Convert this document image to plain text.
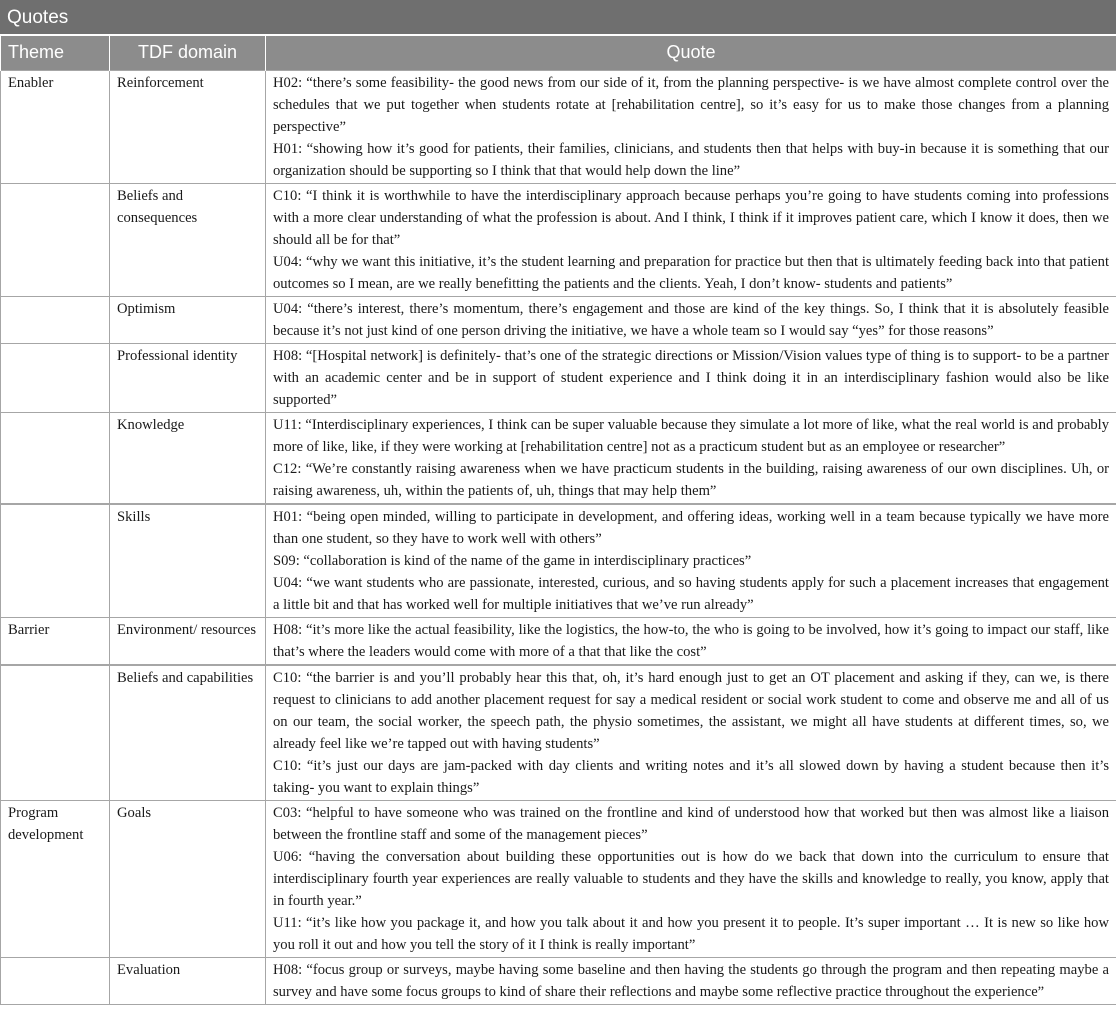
Quotes
Theme	TDF domain	Quote
Enabler	Reinforcement	H02: “there’s some feasibility- the good news from our side of it, from the planning perspective- is we have almost complete control over the schedules that we put together when students rotate at [rehabilitation centre], so it’s easy for us to make those changes from a planning perspective”
H01: “showing how it’s good for patients, their families, clinicians, and students then that helps with buy-in because it is something that our organization should be supporting so I think that that would help down the line”

	Beliefs and consequences	C10: “I think it is worthwhile to have the interdisciplinary approach because perhaps you’re going to have students coming into professions with a more clear understanding of what the profession is about. And I think, I think if it improves patient care, which I know it does, then we should all be for that”
U04: “why we want this initiative, it’s the student learning and preparation for practice but then that is ultimately feeding back into that patient outcomes so I mean, are we really benefitting the patients and the clients. Yeah, I don’t know- students and patients”

	Optimism	U04: “there’s interest, there’s momentum, there’s engagement and those are kind of the key things. So, I think that it is absolutely feasible because it’s not just kind of one person driving the initiative, we have a whole team so I would say “yes” for those reasons”

	Professional identity	H08: “[Hospital network] is definitely- that’s one of the strategic directions or Mission/Vision values type of thing is to support- to be a partner with an academic center and be in support of student experience and I think doing it in an interdisciplinary fashion would also be like supported”

	Knowledge	U11: “Interdisciplinary experiences, I think can be super valuable because they simulate a lot more of like, what the real world is and probably more of like, like, if they were working at [rehabilitation centre] not as a practicum student but as an employee or researcher”
C12: “We’re constantly raising awareness when we have practicum students in the building, raising awareness of our own disciplines. Uh, or raising awareness, uh, within the patients of, uh, things that may help them”

	Skills	H01: “being open minded, willing to participate in development, and offering ideas, working well in a team because typically we have more than one student, so they have to work well with others”
S09: “collaboration is kind of the name of the game in interdisciplinary practices”
U04: “we want students who are passionate, interested, curious, and so having students apply for such a placement increases that engagement a little bit and that has worked well for multiple initiatives that we’ve run already”

Barrier	Environment/ resources	H08: “it’s more like the actual feasibility, like the logistics, the how-to, the who is going to be involved, how it’s going to impact our staff, like that’s where the leaders would come with more of a that that like the cost”

	Beliefs and capabilities	C10: “the barrier is and you’ll probably hear this that, oh, it’s hard enough just to get an OT placement and asking if they, can we, is there request to clinicians to add another placement request for say a medical resident or social work student to come and observe me and all of us on our team, the social worker, the speech path, the physio sometimes, the assistant, we might all have students at different times, so, we already feel like we’re tapped out with having students”
C10: “it’s just our days are jam-packed with day clients and writing notes and it’s all slowed down by having a student because then it’s taking- you want to explain things”

Program development	Goals	C03: “helpful to have someone who was trained on the frontline and kind of understood how that worked but then was almost like a liaison between the frontline staff and some of the management pieces”
U06: “having the conversation about building these opportunities out is how do we back that down into the curriculum to ensure that interdisciplinary fourth year experiences are really valuable to students and they have the skills and knowledge to really, you know, apply that in fourth year.”
U11: “it’s like how you package it, and how you talk about it and how you present it to people. It’s super important … It is new so like how you roll it out and how you tell the story of it I think is really important”

	Evaluation	H08: “focus group or surveys, maybe having some baseline and then having the students go through the program and then repeating maybe a survey and have some focus groups to kind of share their reflections and maybe some reflective practice throughout the experience”
